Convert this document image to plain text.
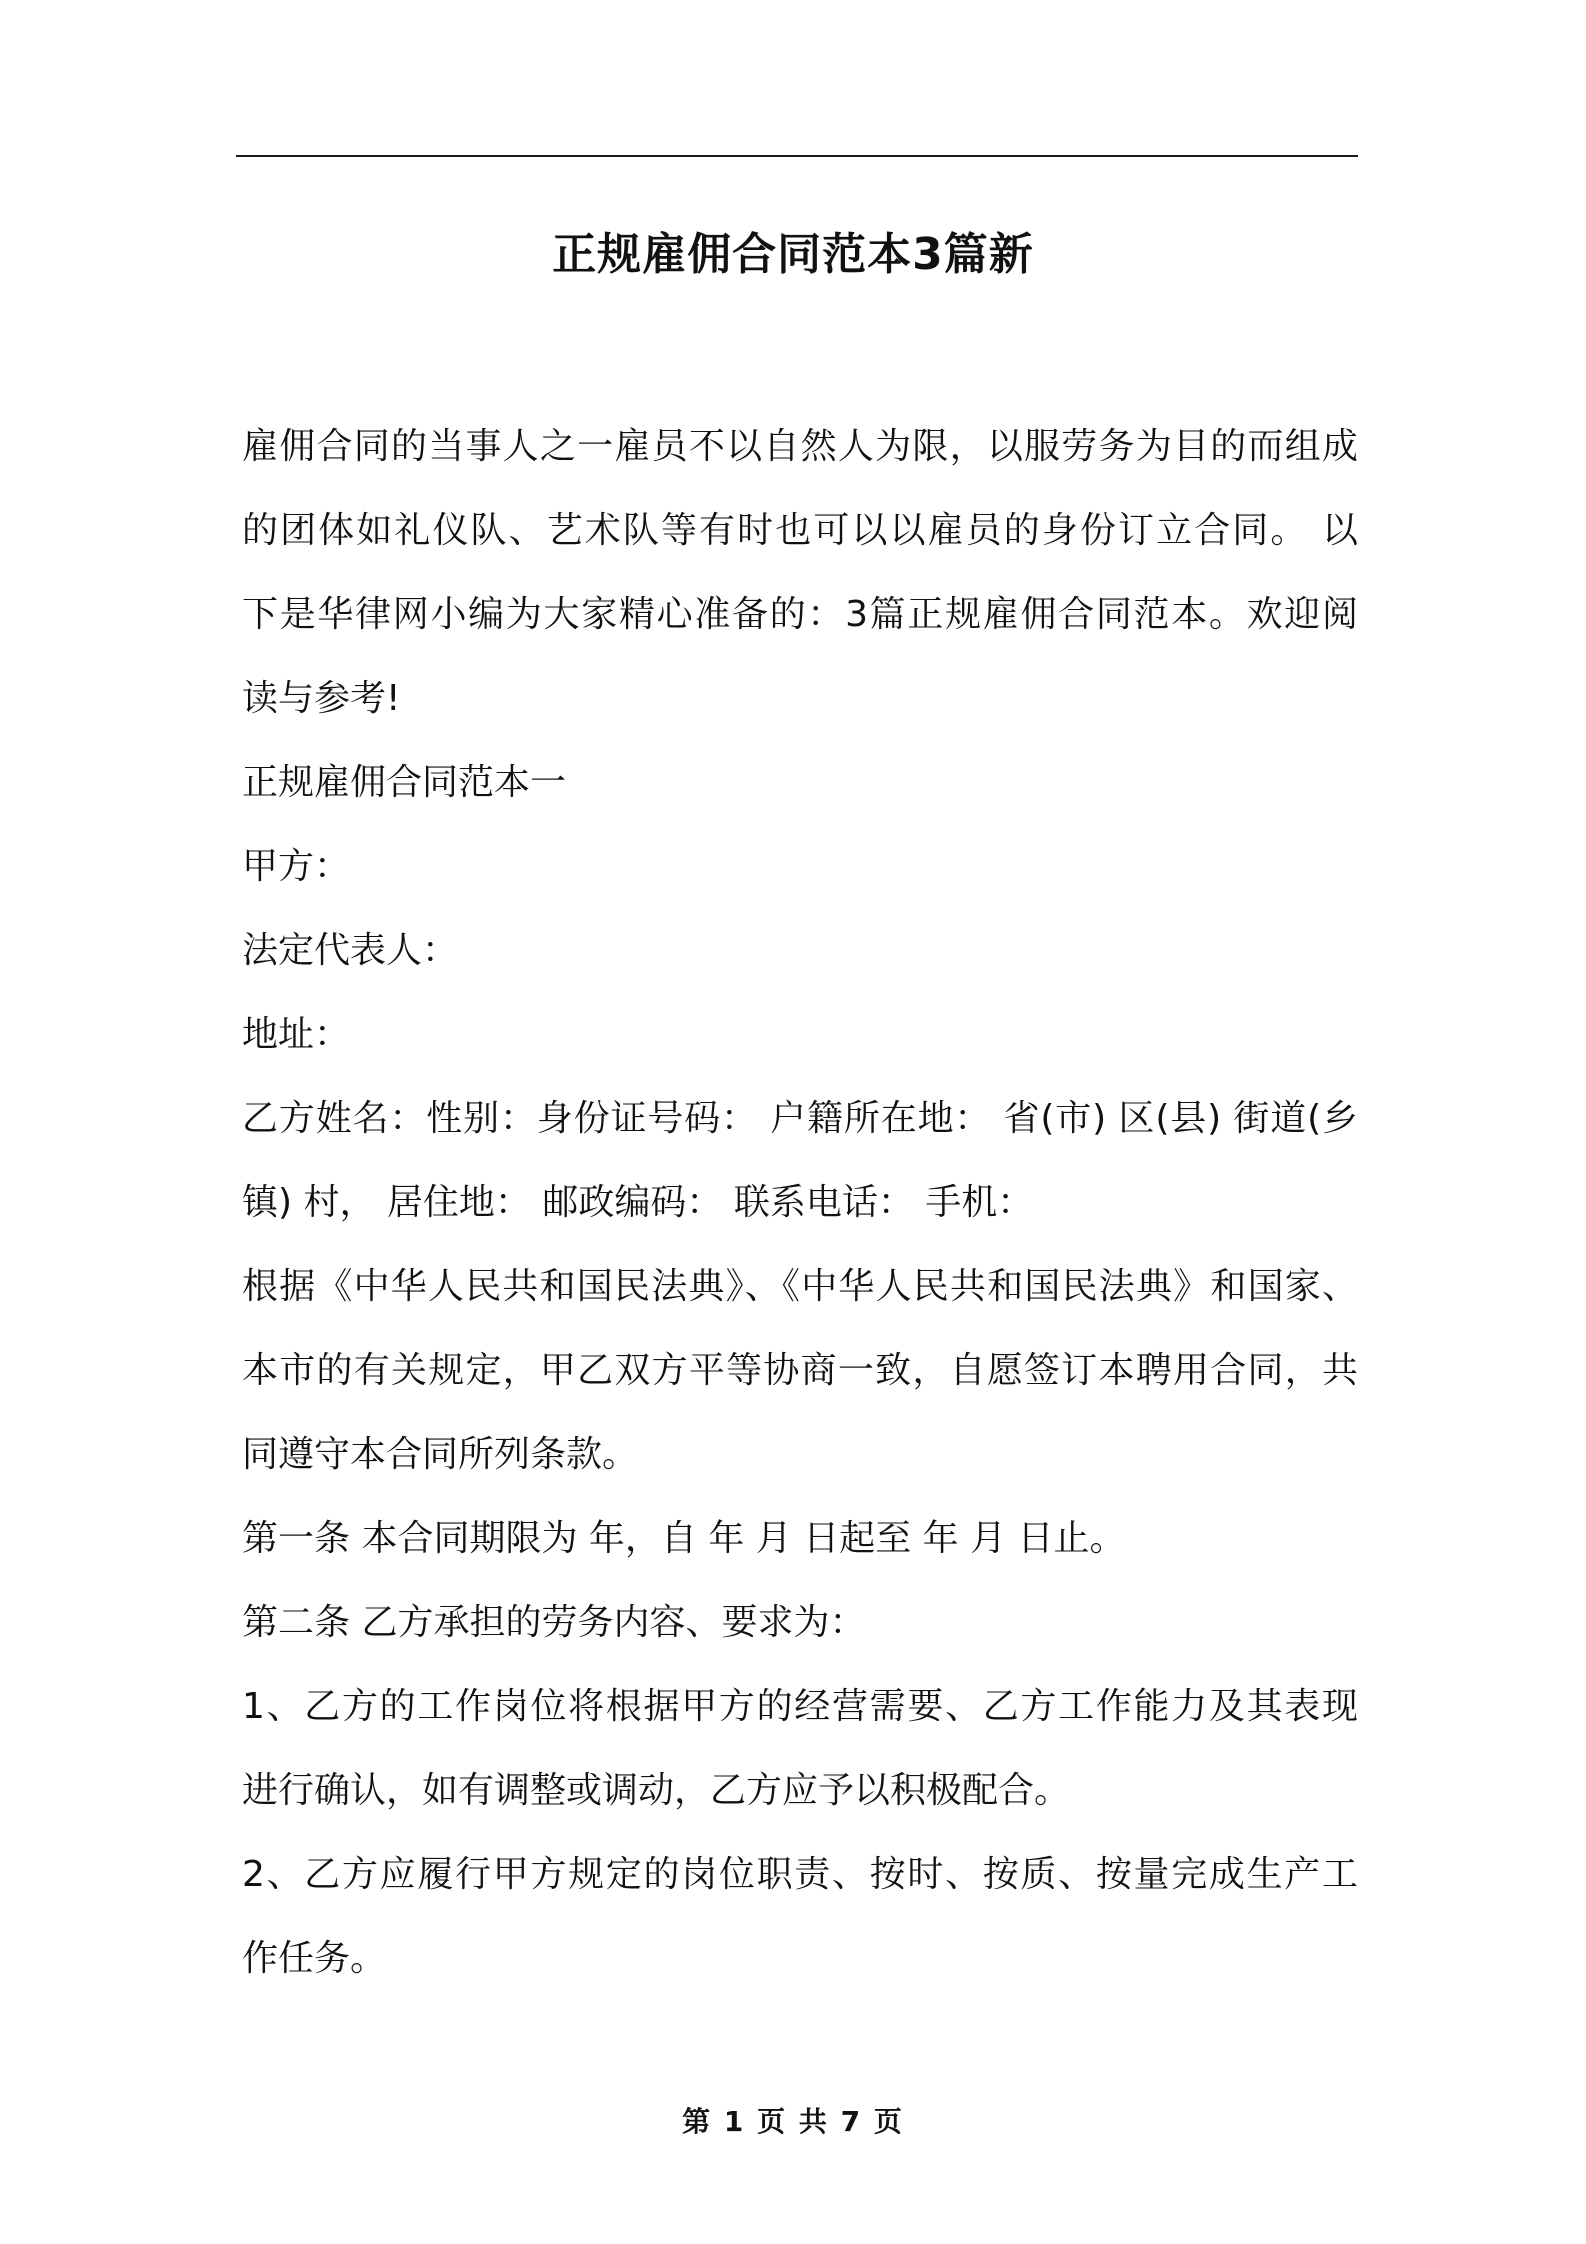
正规雇佣合同范本3篇新
雇佣合同的当事人之一雇员不以自然人为限，以服劳务为目的而组成
的团体如礼仪队、艺术队等有时也可以以雇员的身份订立合同。 以
下是华律网小编为大家精心准备的：3篇正规雇佣合同范本。欢迎阅
读与参考!
正规雇佣合同范本一
甲方：
法定代表人：
地址：
乙方姓名：性别：身份证号码： 户籍所在地： 省(市) 区(县) 街道(乡
镇) 村， 居住地： 邮政编码： 联系电话： 手机：
根据《中华人民共和国民法典》、《中华人民共和国民法典》和国家、
本市的有关规定，甲乙双方平等协商一致，自愿签订本聘用合同，共
同遵守本合同所列条款。
第一条 本合同期限为 年，自 年 月 日起至 年 月 日止。
第二条 乙方承担的劳务内容、要求为：
1、乙方的工作岗位将根据甲方的经营需要、乙方工作能力及其表现
进行确认，如有调整或调动，乙方应予以积极配合。
2、乙方应履行甲方规定的岗位职责、按时、按质、按量完成生产工
作任务。
第 1 页 共 7 页
